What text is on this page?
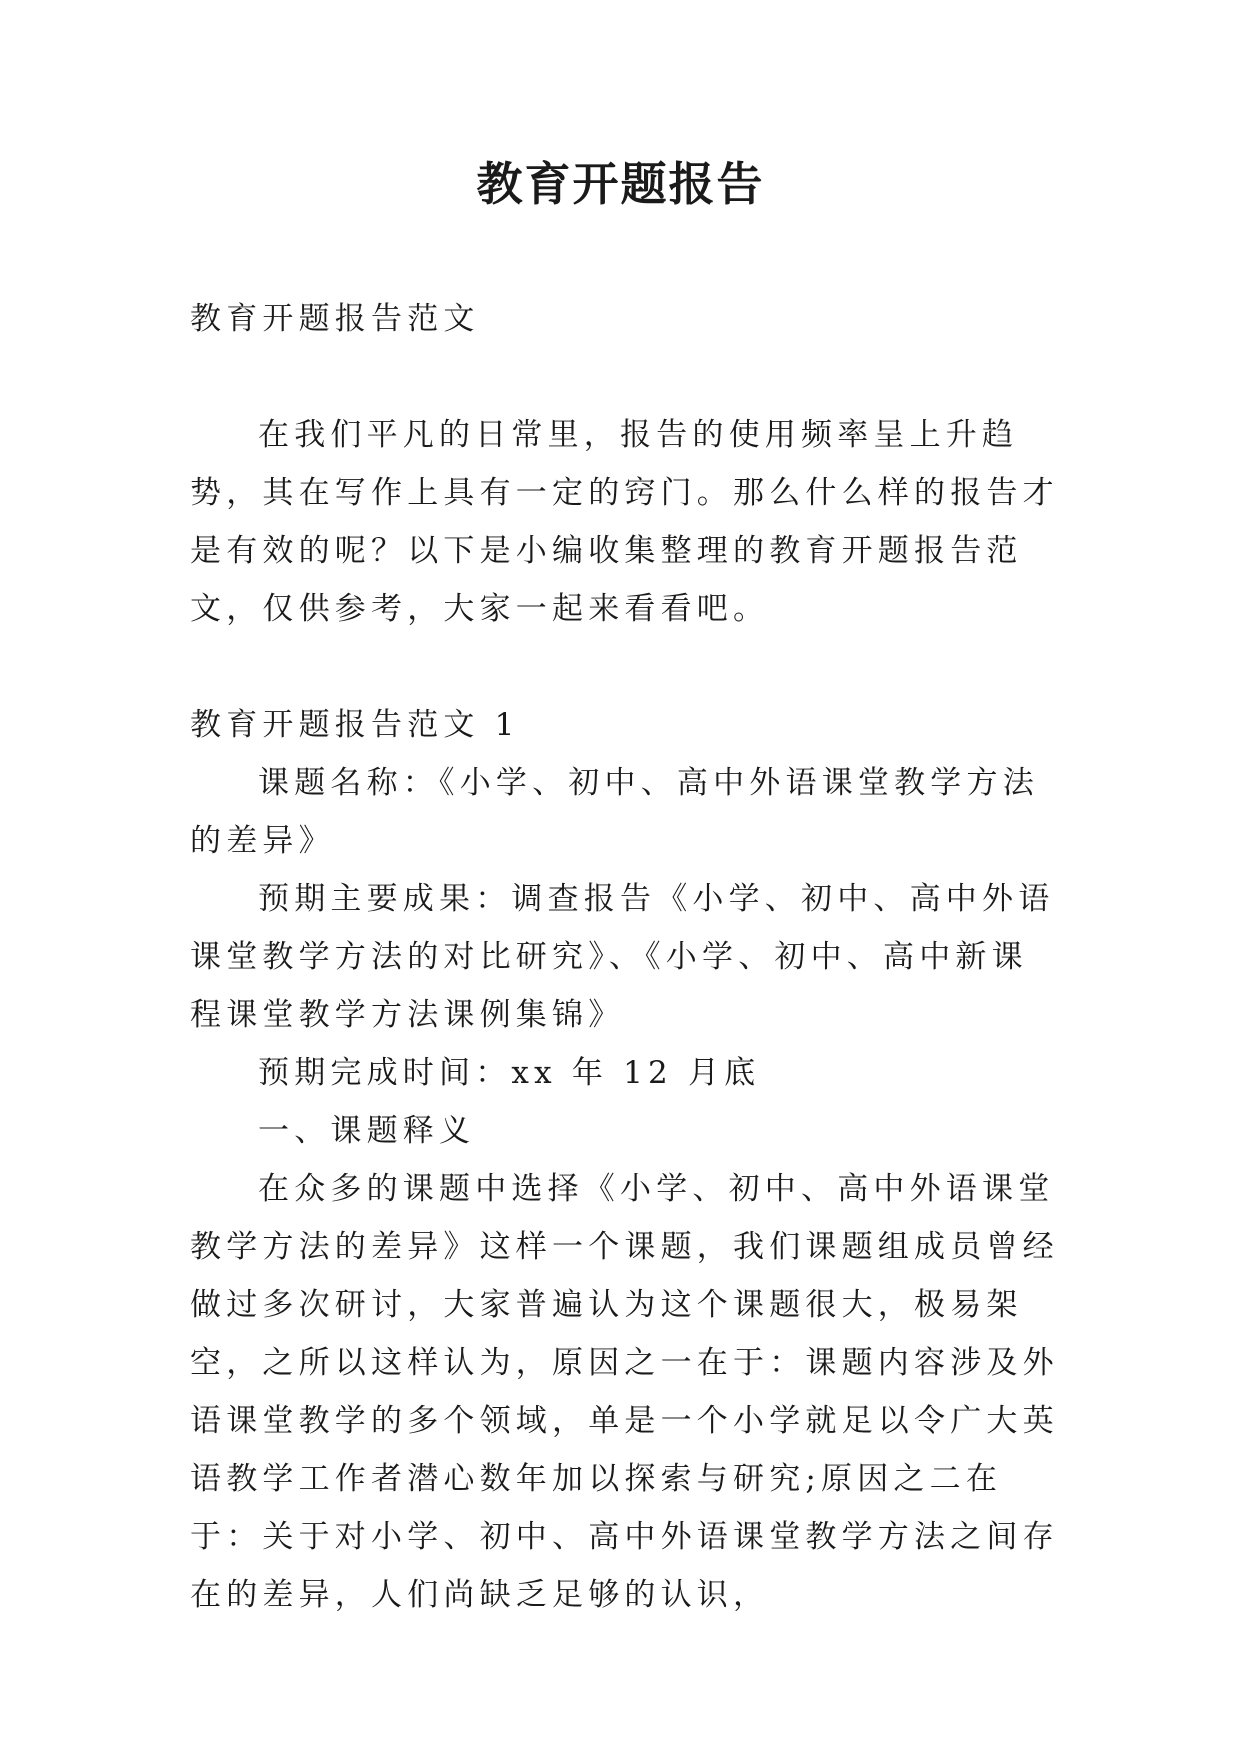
教育开题报告

教育开题报告范文

在我们平凡的日常里，报告的使用频率呈上升趋势，其在写作上具有一定的窍门。那么什么样的报告才是有效的呢？以下是小编收集整理的教育开题报告范文，仅供参考，大家一起来看看吧。

教育开题报告范文 1

课题名称：《小学、初中、高中外语课堂教学方法的差异》

预期主要成果：调查报告《小学、初中、高中外语课堂教学方法的对比研究》、《小学、初中、高中新课程课堂教学方法课例集锦》

预期完成时间：xx 年 12 月底

一、课题释义

在众多的课题中选择《小学、初中、高中外语课堂教学方法的差异》这样一个课题，我们课题组成员曾经做过多次研讨，大家普遍认为这个课题很大，极易架空，之所以这样认为，原因之一在于：课题内容涉及外语课堂教学的多个领域，单是一个小学就足以令广大英语教学工作者潜心数年加以探索与研究;原因之二在于：关于对小学、初中、高中外语课堂教学方法之间存在的差异，人们尚缺乏足够的认识，
